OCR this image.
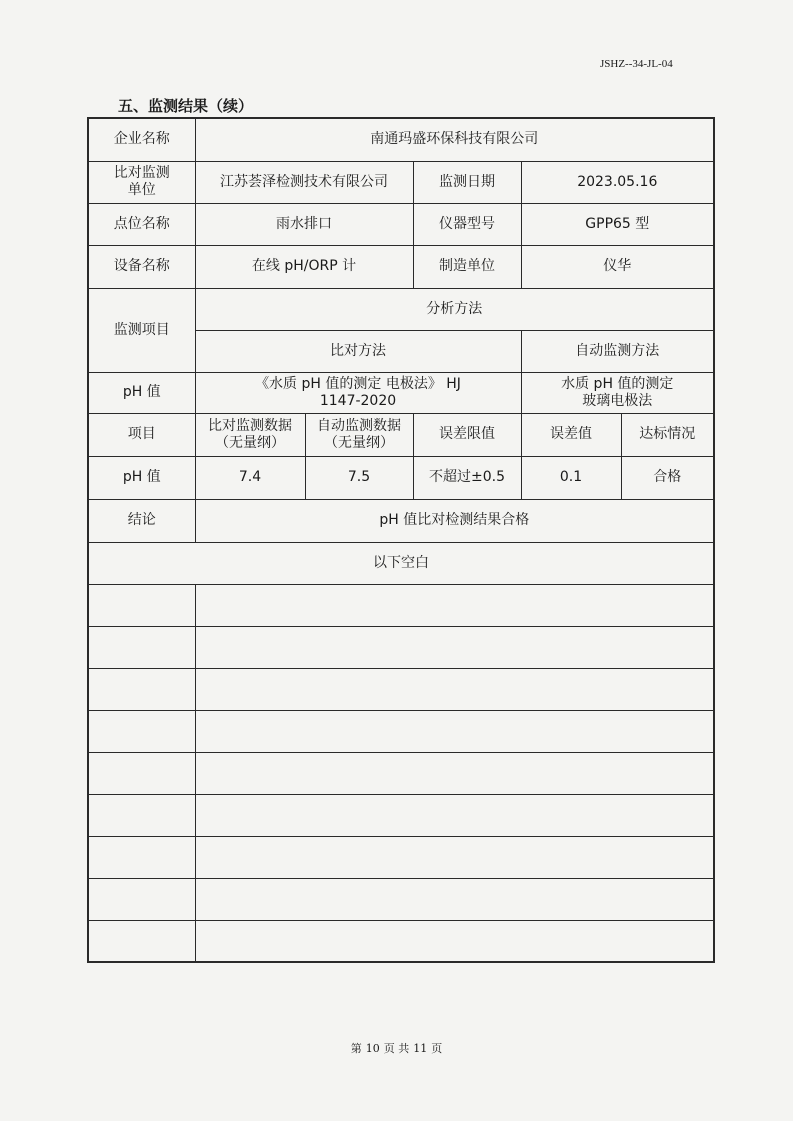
JSHZ--34-JL-04
五、监测结果（续）
企业名称	南通玛盛环保科技有限公司				
比对监测单位	江苏荟泽检测技术有限公司		监测日期	2023.05.16	
点位名称	雨水排口		仪器型号	GPP65 型	
设备名称	在线 pH/ORP 计		制造单位	仪华	
监测项目	分析方法				
	比对方法			自动监测方法	
pH 值	《水质 pH 值的测定 电极法》 HJ 1147-2020			水质 pH 值的测定 玻璃电极法	
项目	比对监测数据（无量纲）	自动监测数据（无量纲）	误差限值	误差值	达标情况
pH 值	7.4	7.5	不超过±0.5	0.1	合格
结论	pH 值比对检测结果合格				
以下空白					

第 10 页 共 11 页
